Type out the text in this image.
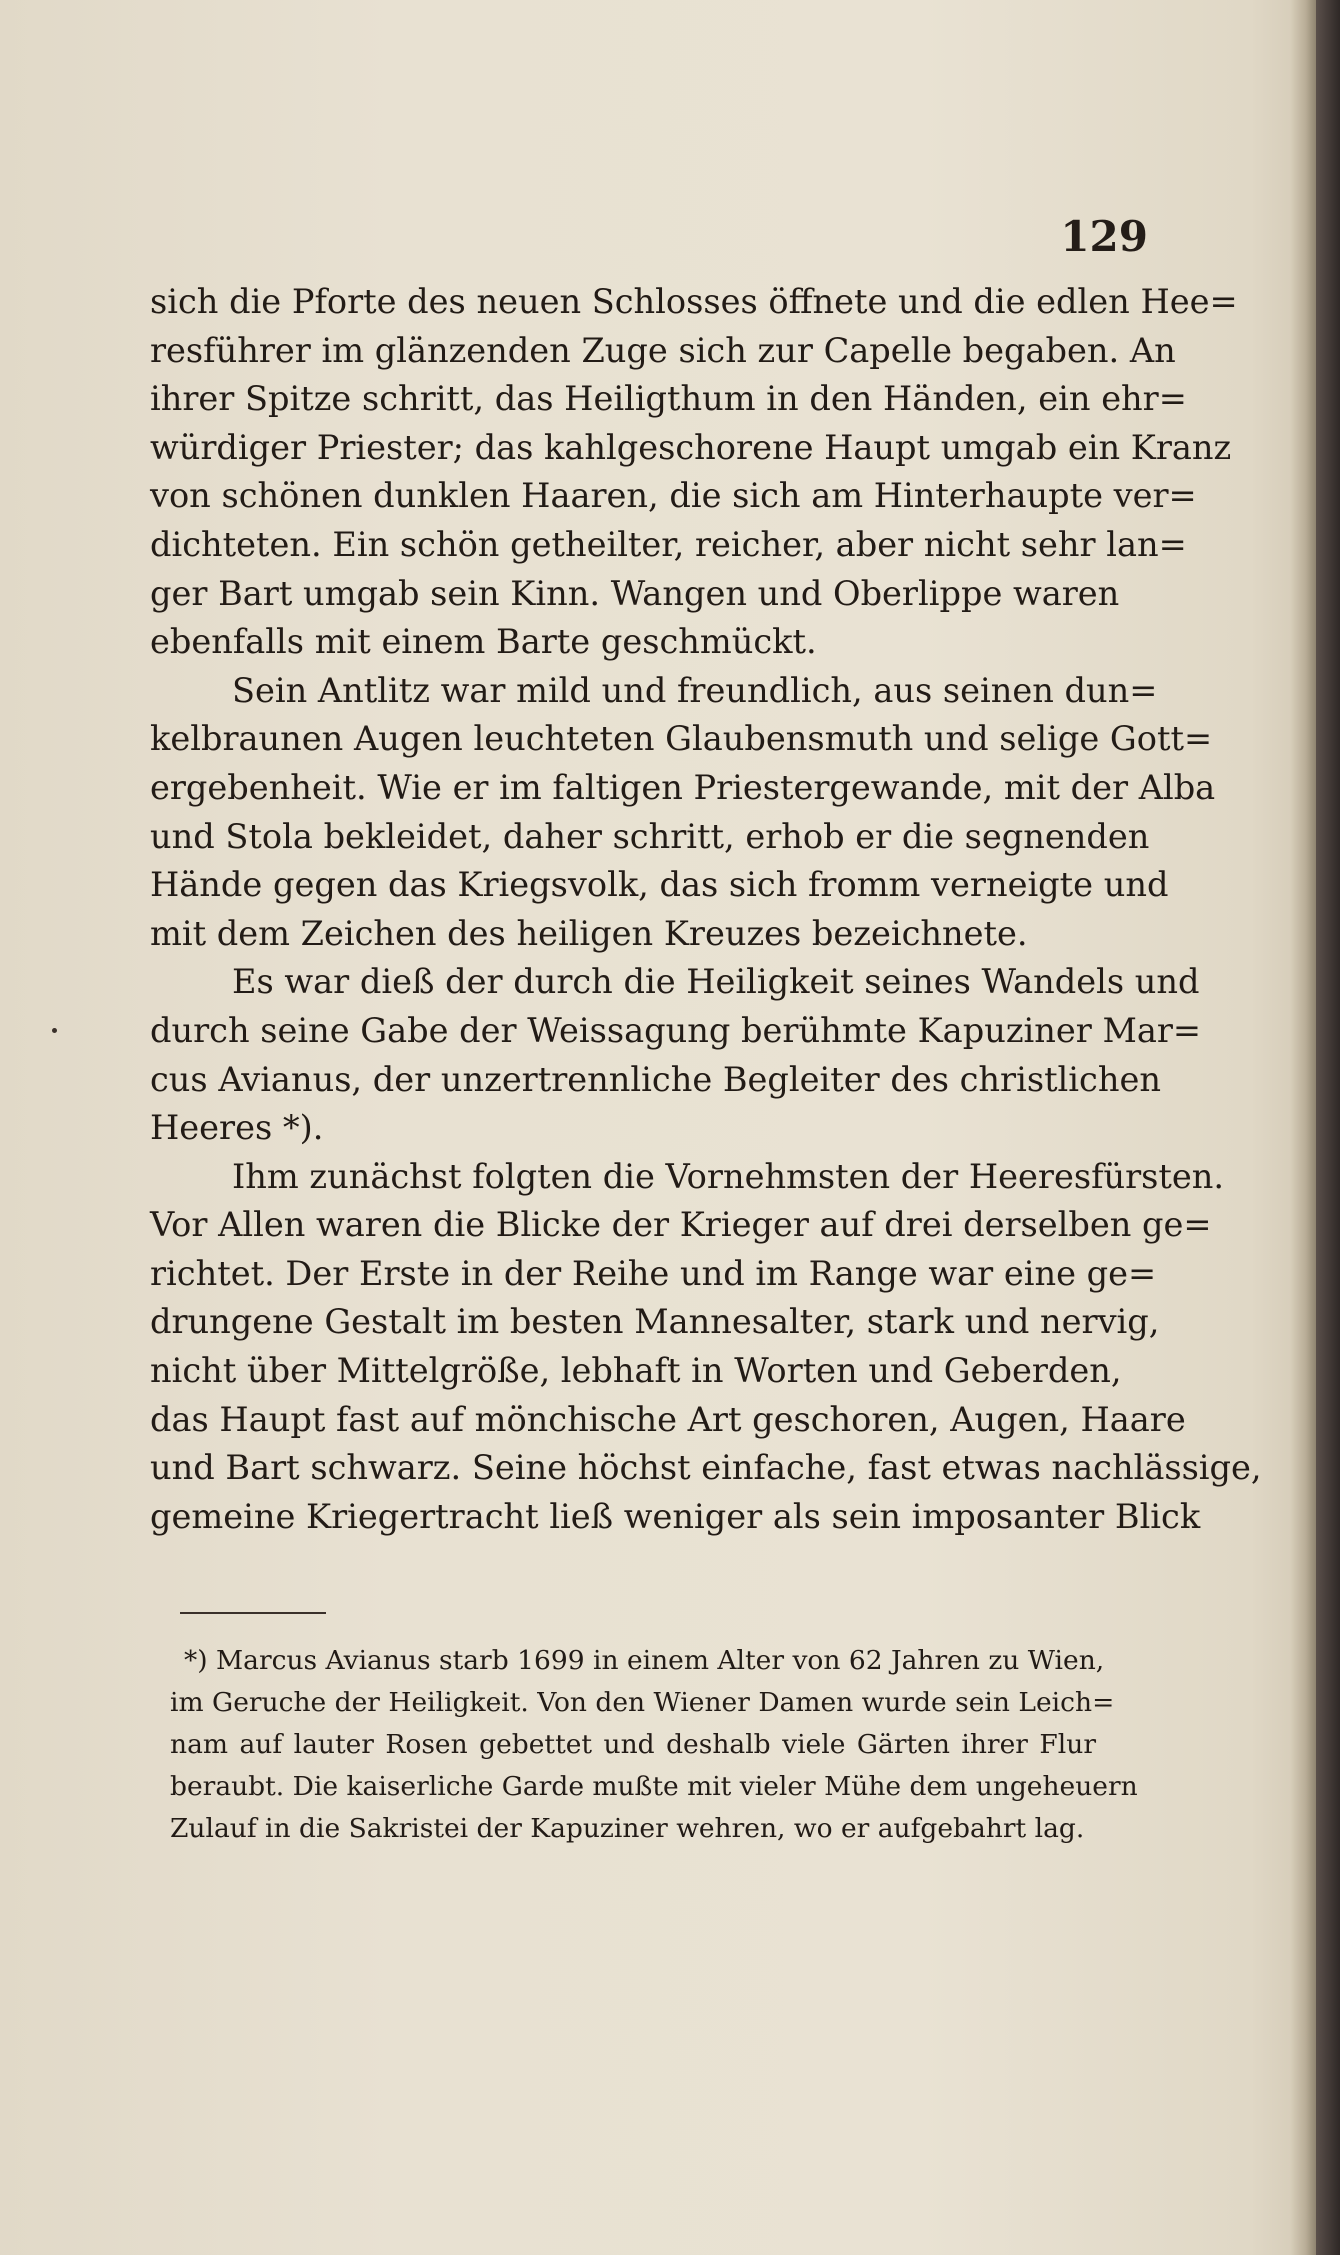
129
sich die Pforte des neuen Schlosses öffnete und die edlen Hee=
resführer im glänzenden Zuge sich zur Capelle begaben. An
ihrer Spitze schritt, das Heiligthum in den Händen, ein ehr=
würdiger Priester; das kahlgeschorene Haupt umgab ein Kranz
von schönen dunklen Haaren, die sich am Hinterhaupte ver=
dichteten. Ein schön getheilter, reicher, aber nicht sehr lan=
ger Bart umgab sein Kinn. Wangen und Oberlippe waren
ebenfalls mit einem Barte geschmückt.
Sein Antlitz war mild und freundlich, aus seinen dun=
kelbraunen Augen leuchteten Glaubensmuth und selige Gott=
ergebenheit. Wie er im faltigen Priestergewande, mit der Alba
und Stola bekleidet, daher schritt, erhob er die segnenden
Hände gegen das Kriegsvolk, das sich fromm verneigte und
mit dem Zeichen des heiligen Kreuzes bezeichnete.
Es war dieß der durch die Heiligkeit seines Wandels und
durch seine Gabe der Weissagung berühmte Kapuziner Mar=
cus Avianus, der unzertrennliche Begleiter des christlichen
Heeres *).
Ihm zunächst folgten die Vornehmsten der Heeresfürsten.
Vor Allen waren die Blicke der Krieger auf drei derselben ge=
richtet. Der Erste in der Reihe und im Range war eine ge=
drungene Gestalt im besten Mannesalter, stark und nervig,
nicht über Mittelgröße, lebhaft in Worten und Geberden,
das Haupt fast auf mönchische Art geschoren, Augen, Haare
und Bart schwarz. Seine höchst einfache, fast etwas nachlässige,
gemeine Kriegertracht ließ weniger als sein imposanter Blick
*) Marcus Avianus starb 1699 in einem Alter von 62 Jahren zu Wien,
im Geruche der Heiligkeit. Von den Wiener Damen wurde sein Leich=
nam auf lauter Rosen gebettet und deshalb viele Gärten ihrer Flur
beraubt. Die kaiserliche Garde mußte mit vieler Mühe dem ungeheuern
Zulauf in die Sakristei der Kapuziner wehren, wo er aufgebahrt lag.
